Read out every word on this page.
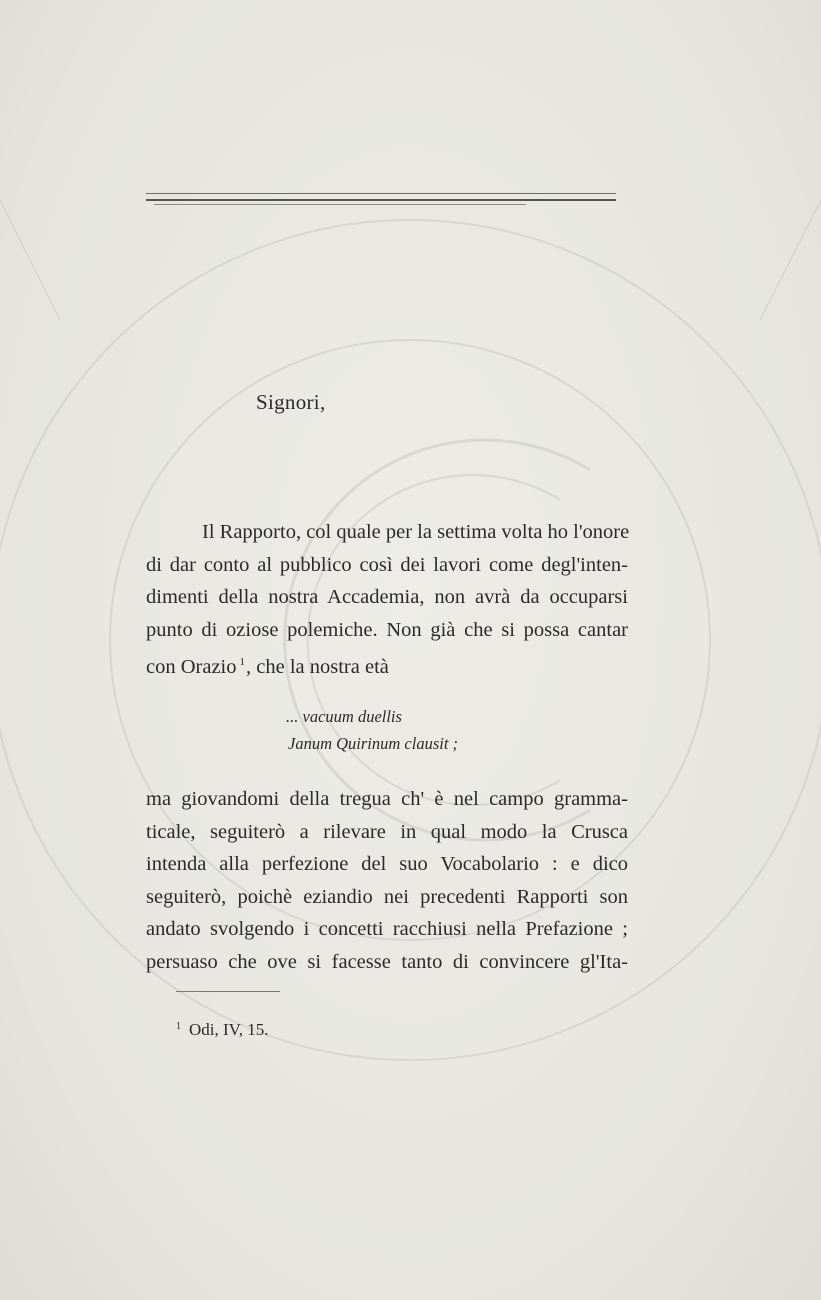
Signori,
Il Rapporto, col quale per la settima volta ho l'onore
di dar conto al pubblico così dei lavori come degl'inten-
dimenti della nostra Accademia, non avrà da occuparsi
punto di oziose polemiche. Non già che si possa cantar
con Orazio $^1$, che la nostra età
... vacuum duellis
Janum Quirinum clausit ;
ma giovandomi della tregua ch' è nel campo gramma-
ticale, seguiterò a rilevare in qual modo la Crusca
intenda alla perfezione del suo Vocabolario : e dico
seguiterò, poichè eziandio nei precedenti Rapporti son
andato svolgendo i concetti racchiusi nella Prefazione ;
persuaso che ove si facesse tanto di convincere gl'Ita-
$^1$ Odi, IV, 15.
